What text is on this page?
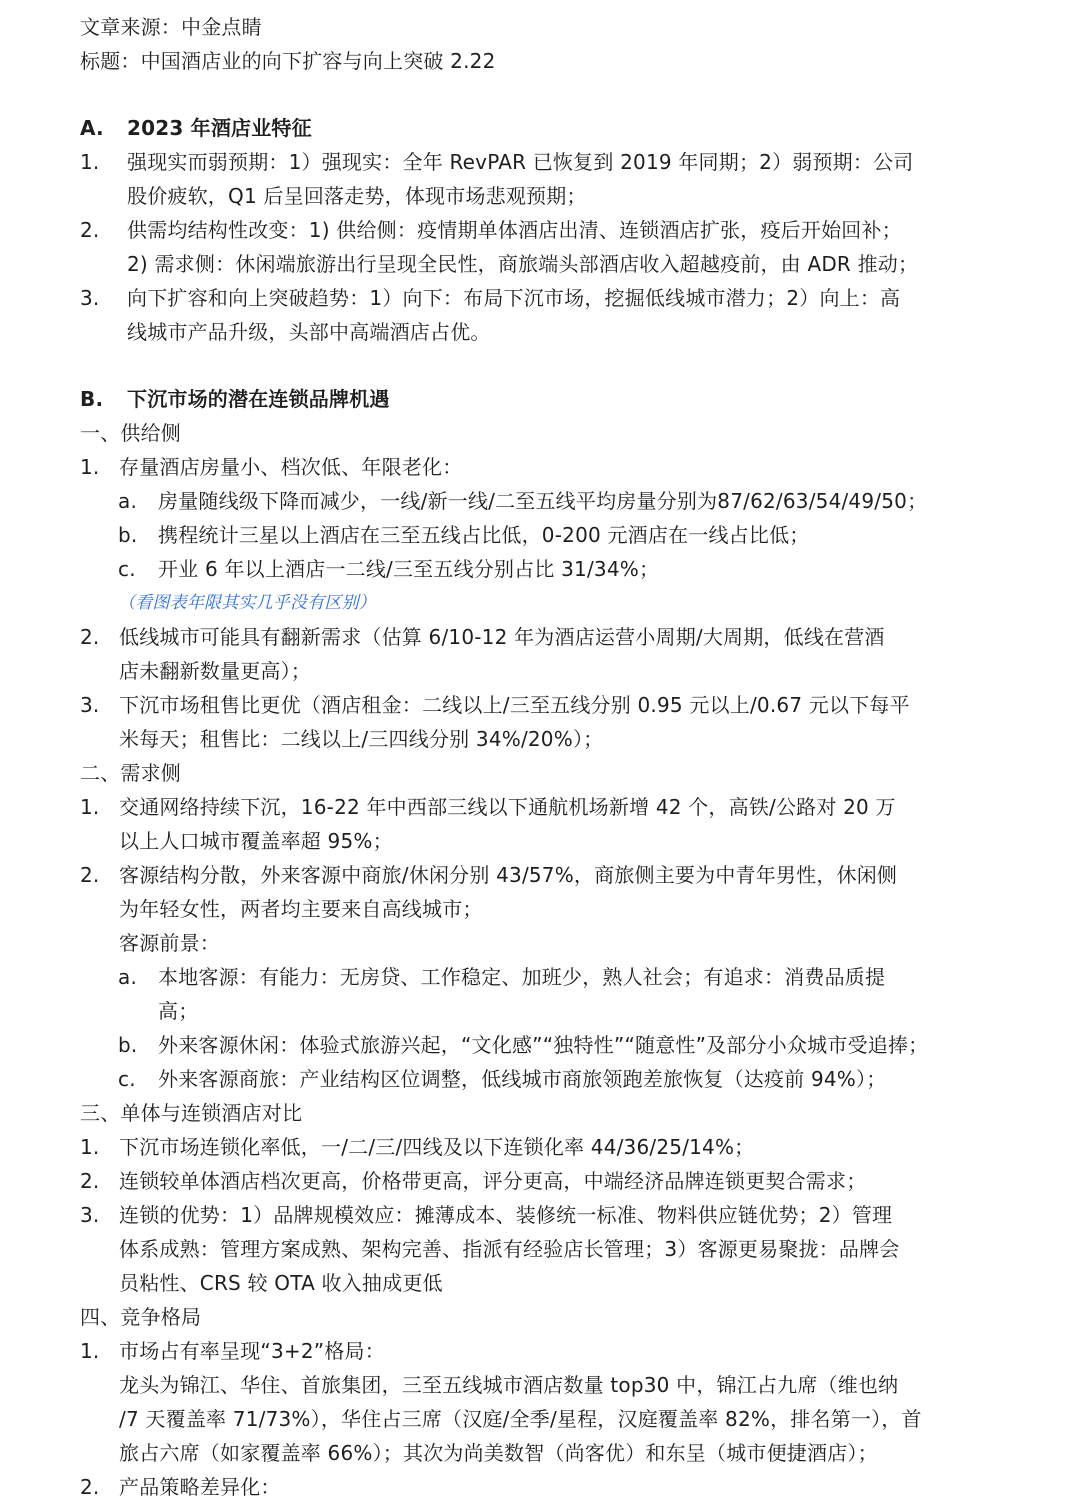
文章来源：中金点睛
标题：中国酒店业的向下扩容与向上突破 2.22
A. 2023 年酒店业特征
1. 强现实而弱预期：1）强现实：全年 RevPAR 已恢复到 2019 年同期；2）弱预期：公司
股价疲软，Q1 后呈回落走势，体现市场悲观预期；
2. 供需均结构性改变：1) 供给侧：疫情期单体酒店出清、连锁酒店扩张，疫后开始回补；
2) 需求侧：休闲端旅游出行呈现全民性，商旅端头部酒店收入超越疫前，由 ADR 推动；
3. 向下扩容和向上突破趋势：1）向下：布局下沉市场，挖掘低线城市潜力；2）向上：高
线城市产品升级，头部中高端酒店占优。
B. 下沉市场的潜在连锁品牌机遇
一、供给侧
1. 存量酒店房量小、档次低、年限老化：
a. 房量随线级下降而减少，一线/新一线/二至五线平均房量分别为87/62/63/54/49/50；
b. 携程统计三星以上酒店在三至五线占比低，0-200 元酒店在一线占比低；
c. 开业 6 年以上酒店一二线/三至五线分别占比 31/34%；
（看图表年限其实几乎没有区别）
2. 低线城市可能具有翻新需求（估算 6/10-12 年为酒店运营小周期/大周期，低线在营酒
店未翻新数量更高）；
3. 下沉市场租售比更优（酒店租金：二线以上/三至五线分别 0.95 元以上/0.67 元以下每平
米每天；租售比：二线以上/三四线分别 34%/20%）；
二、需求侧
1. 交通网络持续下沉，16-22 年中西部三线以下通航机场新增 42 个，高铁/公路对 20 万
以上人口城市覆盖率超 95%；
2. 客源结构分散，外来客源中商旅/休闲分别 43/57%，商旅侧主要为中青年男性，休闲侧
为年轻女性，两者均主要来自高线城市；
客源前景：
a. 本地客源：有能力：无房贷、工作稳定、加班少，熟人社会；有追求：消费品质提
高；
b. 外来客源休闲：体验式旅游兴起，“文化感”“独特性”“随意性”及部分小众城市受追捧；
c. 外来客源商旅：产业结构区位调整，低线城市商旅领跑差旅恢复（达疫前 94%）；
三、单体与连锁酒店对比
1. 下沉市场连锁化率低，一/二/三/四线及以下连锁化率 44/36/25/14%；
2. 连锁较单体酒店档次更高，价格带更高，评分更高，中端经济品牌连锁更契合需求；
3. 连锁的优势：1）品牌规模效应：摊薄成本、装修统一标准、物料供应链优势；2）管理
体系成熟：管理方案成熟、架构完善、指派有经验店长管理；3）客源更易聚拢：品牌会
员粘性、CRS 较 OTA 收入抽成更低
四、竞争格局
1. 市场占有率呈现“3+2”格局：
龙头为锦江、华住、首旅集团，三至五线城市酒店数量 top30 中，锦江占九席（维也纳
/7 天覆盖率 71/73%），华住占三席（汉庭/全季/星程，汉庭覆盖率 82%，排名第一），首
旅占六席（如家覆盖率 66%）；其次为尚美数智（尚客优）和东呈（城市便捷酒店）；
2. 产品策略差异化：
